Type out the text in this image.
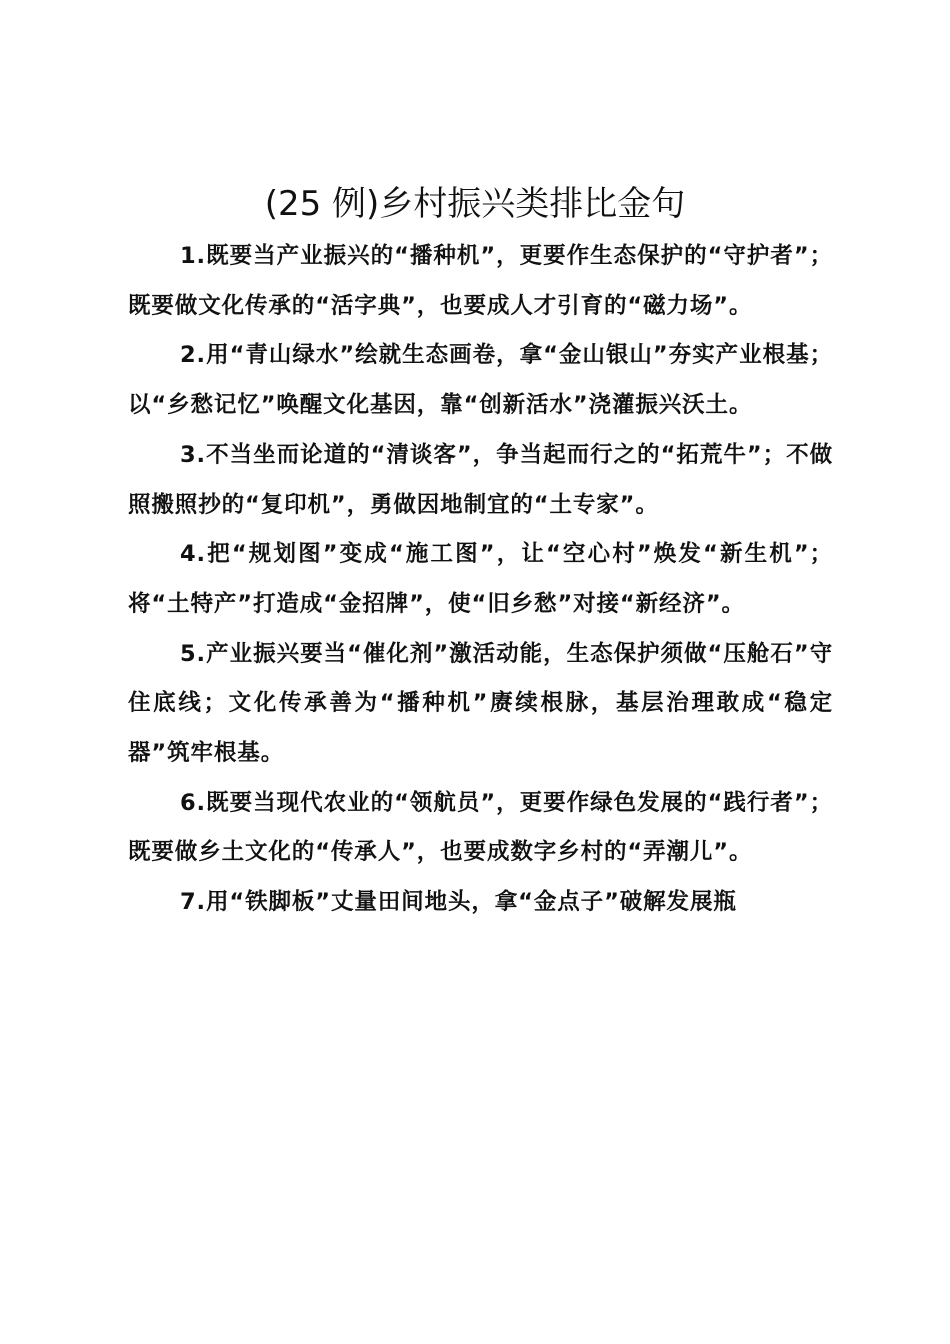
(25 例)乡村振兴类排比金句

1.既要当产业振兴的“播种机”，更要作生态保护的“守护者”；既要做文化传承的“活字典”，也要成人才引育的“磁力场”。

2.用“青山绿水”绘就生态画卷，拿“金山银山”夯实产业根基；以“乡愁记忆”唤醒文化基因，靠“创新活水”浇灌振兴沃土。

3.不当坐而论道的“清谈客”，争当起而行之的“拓荒牛”；不做照搬照抄的“复印机”，勇做因地制宜的“土专家”。

4.把“规划图”变成“施工图”，让“空心村”焕发“新生机”；将“土特产”打造成“金招牌”，使“旧乡愁”对接“新经济”。

5.产业振兴要当“催化剂”激活动能，生态保护须做“压舱石”守住底线；文化传承善为“播种机”赓续根脉，基层治理敢成“稳定器”筑牢根基。

6.既要当现代农业的“领航员”，更要作绿色发展的“践行者”；既要做乡土文化的“传承人”，也要成数字乡村的“弄潮儿”。

7.用“铁脚板”丈量田间地头，拿“金点子”破解发展瓶
